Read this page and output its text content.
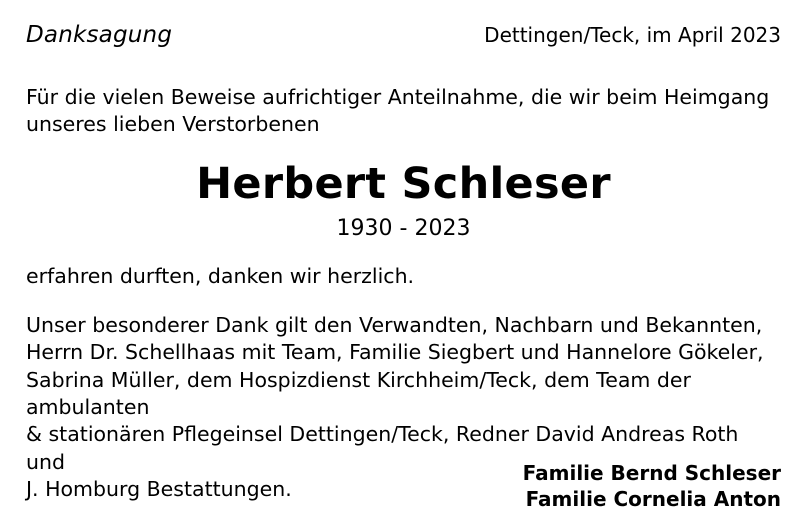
Danksagung	Dettingen/Teck, im April 2023
Für die vielen Beweise aufrichtiger Anteilnahme, die wir beim Heimgang
unseres lieben Verstorbenen
Herbert Schleser
1930 - 2023
erfahren durften, danken wir herzlich.

Unser besonderer Dank gilt den Verwandten, Nachbarn und Bekannten,

Herrn Dr. Schellhaas mit Team, Familie Siegbert und Hannelore Gökeler,

Sabrina Müller, dem Hospizdienst Kirchheim/Teck, dem Team der ambulanten

& stationären Pflegeinsel Dettingen/Teck, Redner David Andreas Roth und

J. Homburg Bestattungen.

Familie Bernd Schleser
Familie Cornelia Anton
